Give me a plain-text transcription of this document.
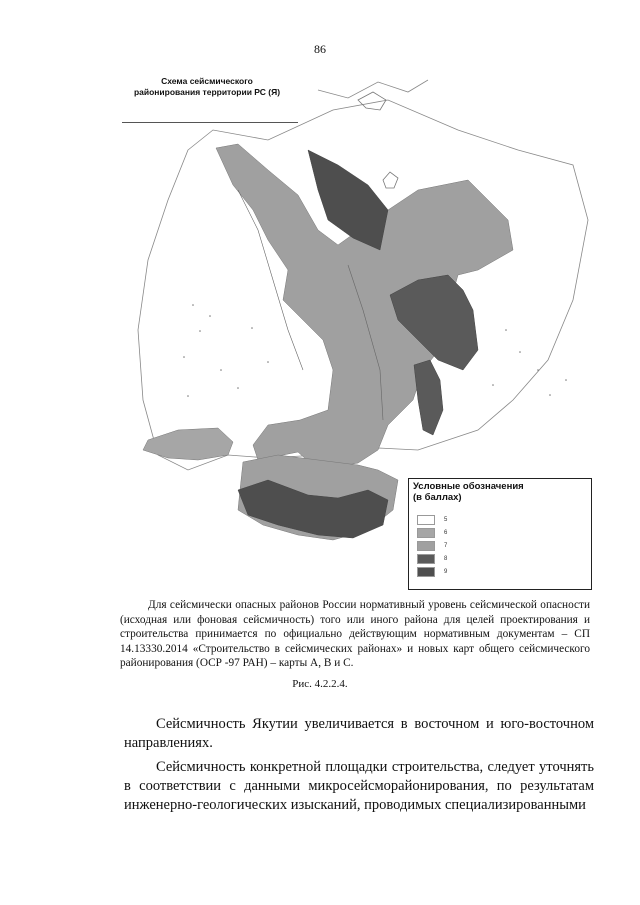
86
Схема сейсмического
районирования территории РС (Я)
Условные обозначения
(в баллах)
5
6
7
8
9
Для сейсмически опасных районов России нормативный уровень сейсмической опасности (исходная или фоновая сейсмичность) того или иного района для целей проектирования и строительства принимается по официально действующим нормативным документам – СП 14.13330.2014 «Строительство в сейсмических районах» и новых карт общего сейсмического районирования (ОСР -97 РАН) – карты А, В и С.
Рис. 4.2.2.4.

Сейсмичность Якутии увеличивается в восточном и юго-восточном направлениях.

Сейсмичность конкретной площадки строительства, следует уточнять в соответствии с данными микросейсморайонирования, по результатам инженерно-геологических изысканий, проводимых специализированными
